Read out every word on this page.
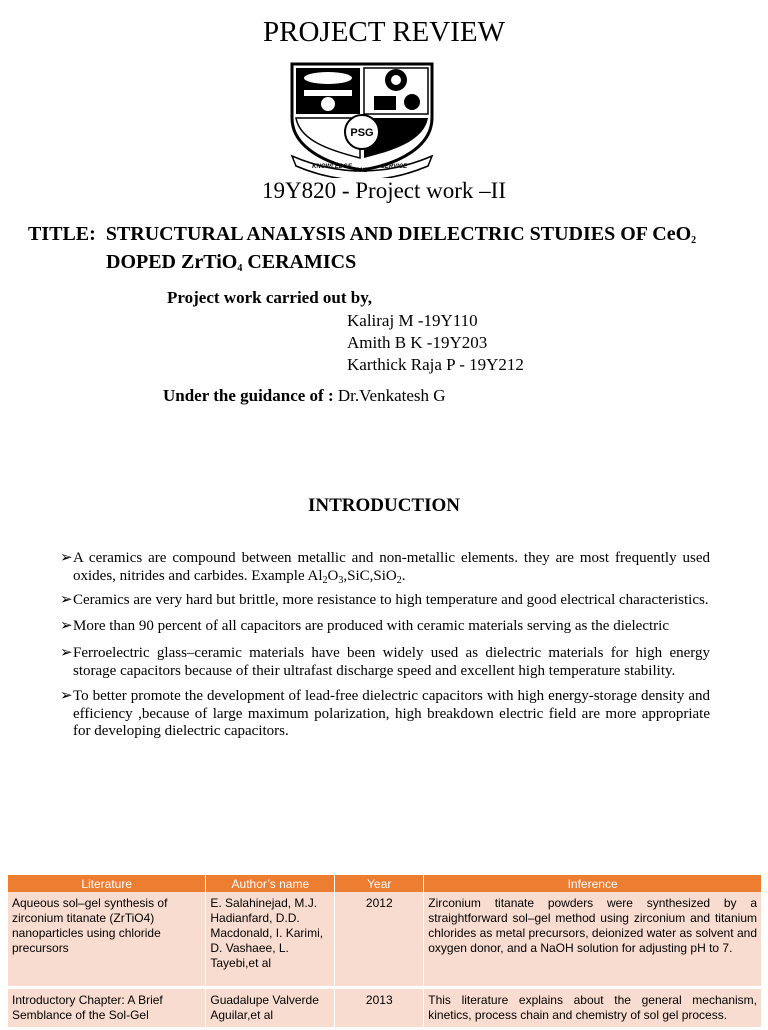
PROJECT REVIEW
PSG
KNOWLEDGE
AND
SERVICE
19Y820 - Project work –II
TITLE: STRUCTURAL ANALYSIS AND DIELECTRIC STUDIES OF CeO$_2$
DOPED ZrTiO$_4$ CERAMICS
Project work carried out by,
Kaliraj M -19Y110
Amith B K -19Y203
Karthick Raja P - 19Y212
Under the guidance of : Dr.Venkatesh G
INTRODUCTION
➢ A ceramics are compound between metallic and non-metallic elements. they are most frequently used oxides, nitrides and carbides. Example $Al_2O_3,SiC,SiO_2$.
➢ Ceramics are very hard but brittle, more resistance to high temperature and good electrical characteristics.
➢ More than 90 percent of all capacitors are produced with ceramic materials serving as the dielectric
➢ Ferroelectric glass–ceramic materials have been widely used as dielectric materials for high energy storage capacitors because of their ultrafast discharge speed and excellent high temperature stability.
➢ To better promote the development of lead-free dielectric capacitors with high energy-storage density and efficiency ,because of large maximum polarization, high breakdown electric field are more appropriate for developing dielectric capacitors.
Literature	Author’s name	Year	Inference
Aqueous sol–gel synthesis of zirconium titanate (ZrTiO4) nanoparticles using chloride precursors	E. Salahinejad, M.J. Hadianfard, D.D. Macdonald, I. Karimi, D. Vashaee, L. Tayebi,et al	2012	Zirconium titanate powders were synthesized by a straightforward sol–gel method using zirconium and titanium chlorides as metal precursors, deionized water as solvent and oxygen donor, and a NaOH solution for adjusting pH to 7.
Introductory Chapter: A Brief Semblance of the Sol-Gel	Guadalupe Valverde Aguilar,et al	2013	This literature explains about the general mechanism, kinetics, process chain and chemistry of sol gel process.
